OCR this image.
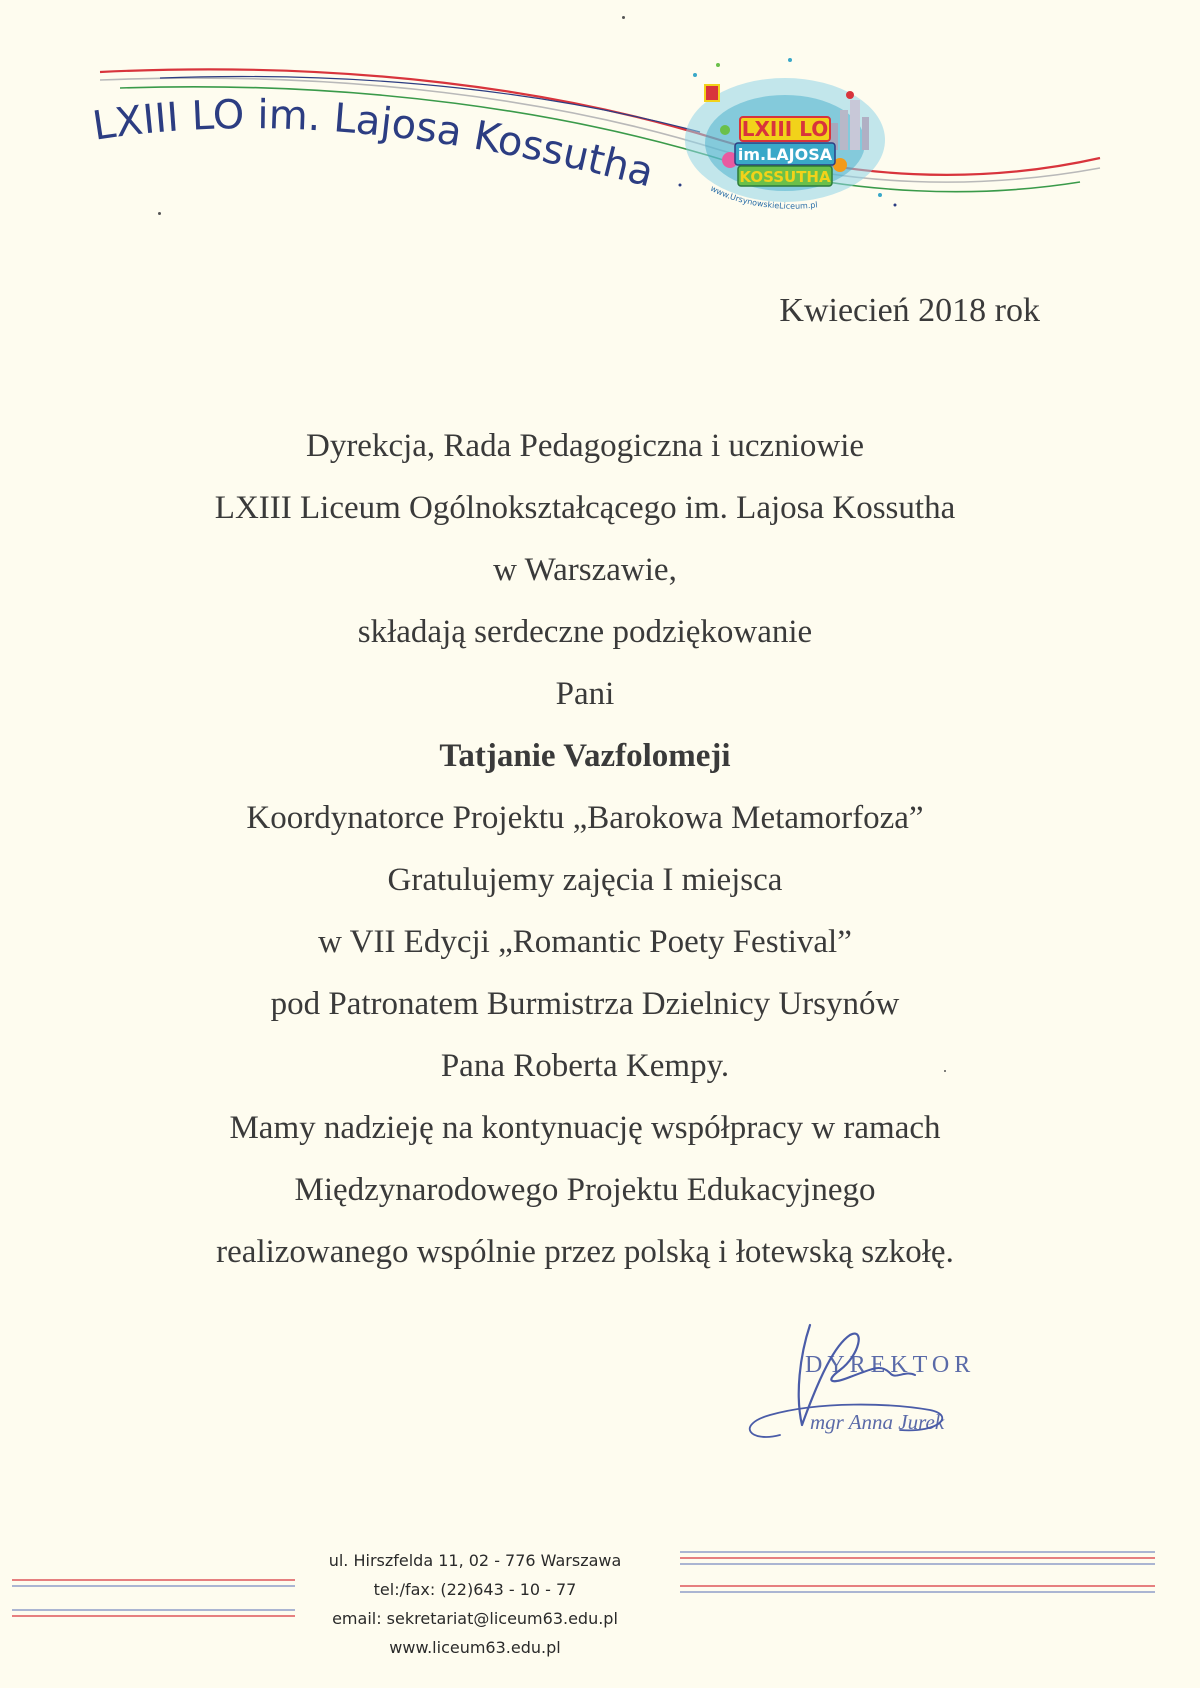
LXIII LO im. Lajosa Kossutha
LXIII LO
im.LAJOSA
KOSSUTHA
www.UrsynowskieLiceum.pl
Kwiecień 2018 rok
Dyrekcja, Rada Pedagogiczna i uczniowie
LXIII Liceum Ogólnokształcącego im. Lajosa Kossutha
w Warszawie,
składają serdeczne podziękowanie
Pani
Tatjanie Vazfolomeji
Koordynatorce Projektu „Barokowa Metamorfoza”
Gratulujemy zajęcia I miejsca
w VII Edycji „Romantic Poety Festival”
pod Patronatem Burmistrza Dzielnicy Ursynów
Pana Roberta Kempy.
Mamy nadzieję na kontynuację współpracy w ramach
Międzynarodowego Projektu Edukacyjnego
realizowanego wspólnie przez polską i łotewską szkołę.
DYREKTOR
mgr Anna Jurek
ul. Hirszfelda 11, 02 - 776 Warszawa
tel:/fax: (22)643 - 10 - 77
email: sekretariat@liceum63.edu.pl
www.liceum63.edu.pl
